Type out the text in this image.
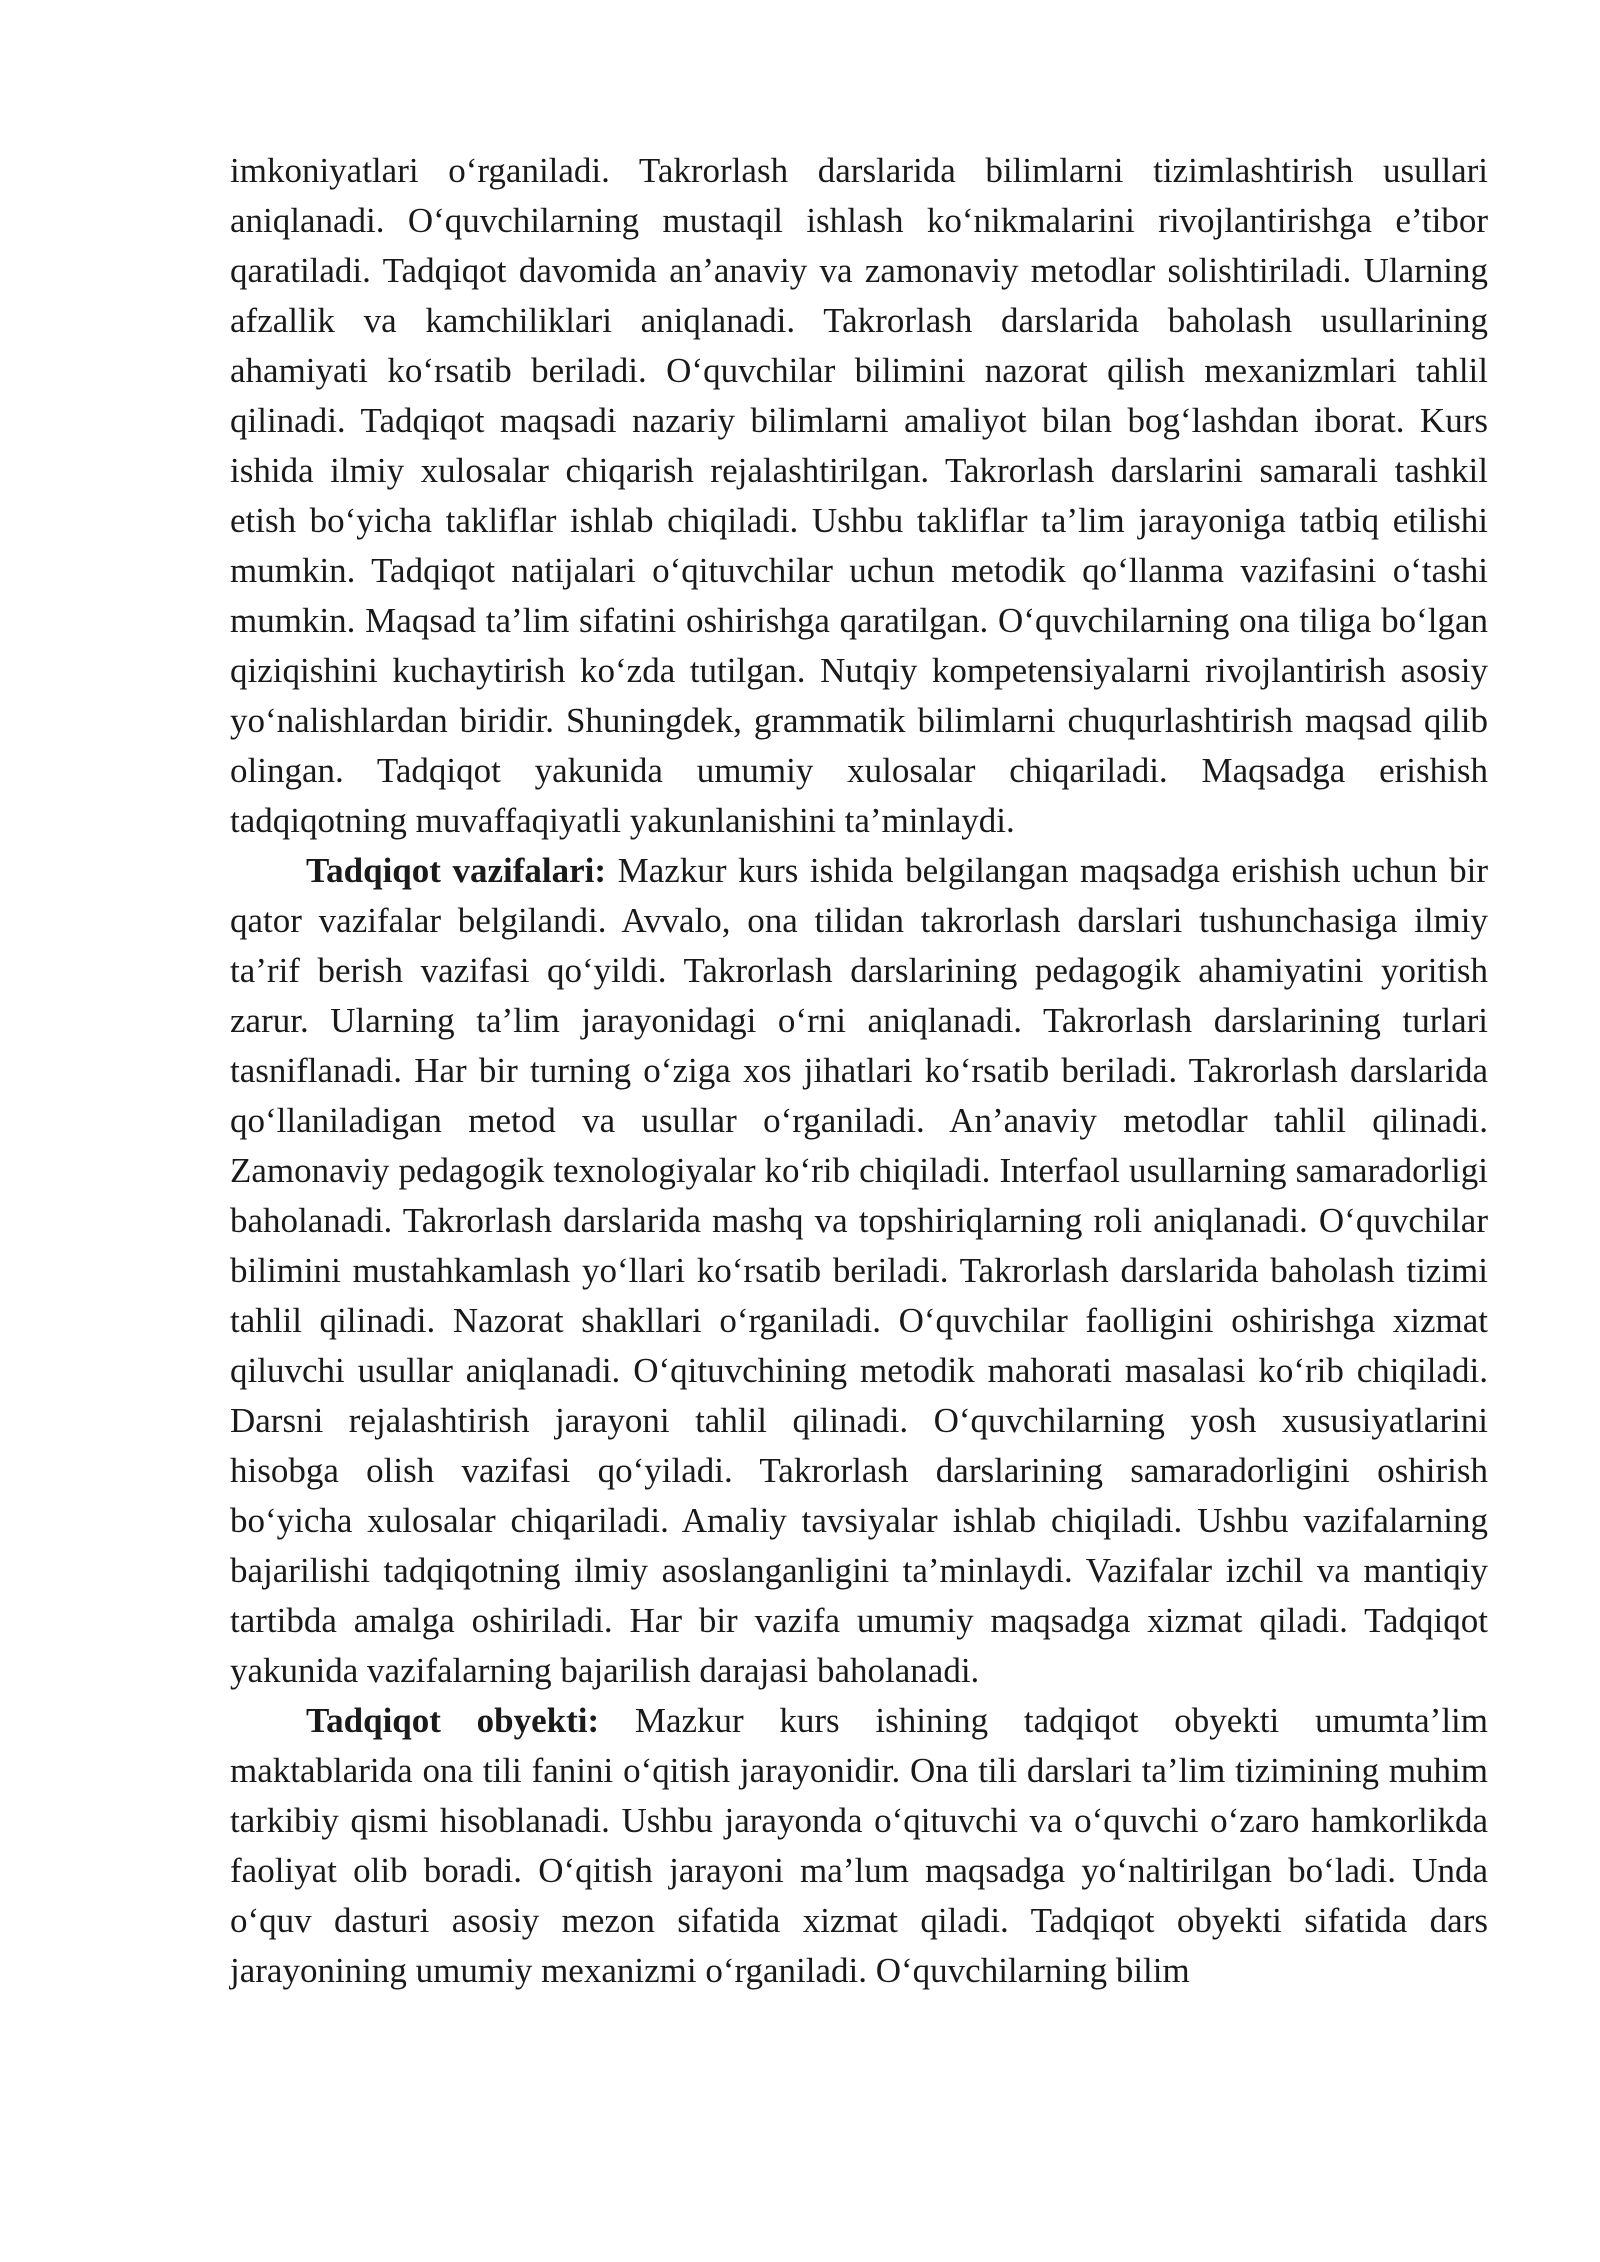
imkoniyatlari o‘rganiladi. Takrorlash darslarida bilimlarni tizimlashtirish usullari aniqlanadi. O‘quvchilarning mustaqil ishlash ko‘nikmalarini rivojlantirishga e’tibor qaratiladi. Tadqiqot davomida an’anaviy va zamonaviy metodlar solishtiriladi. Ularning afzallik va kamchiliklari aniqlanadi. Takrorlash darslarida baholash usullarining ahamiyati ko‘rsatib beriladi. O‘quvchilar bilimini nazorat qilish mexanizmlari tahlil qilinadi. Tadqiqot maqsadi nazariy bilimlarni amaliyot bilan bog‘lashdan iborat. Kurs ishida ilmiy xulosalar chiqarish rejalashtirilgan. Takrorlash darslarini samarali tashkil etish bo‘yicha takliflar ishlab chiqiladi. Ushbu takliflar ta’lim jarayoniga tatbiq etilishi mumkin. Tadqiqot natijalari o‘qituvchilar uchun metodik qo‘llanma vazifasini o‘tashi mumkin. Maqsad ta’lim sifatini oshirishga qaratilgan. O‘quvchilarning ona tiliga bo‘lgan qiziqishini kuchaytirish ko‘zda tutilgan. Nutqiy kompetensiyalarni rivojlantirish asosiy yo‘nalishlardan biridir. Shuningdek, grammatik bilimlarni chuqurlashtirish maqsad qilib olingan. Tadqiqot yakunida umumiy xulosalar chiqariladi. Maqsadga erishish tadqiqotning muvaffaqiyatli yakunlanishini ta’minlaydi.

Tadqiqot vazifalari: Mazkur kurs ishida belgilangan maqsadga erishish uchun bir qator vazifalar belgilandi. Avvalo, ona tilidan takrorlash darslari tushunchasiga ilmiy ta’rif berish vazifasi qo‘yildi. Takrorlash darslarining pedagogik ahamiyatini yoritish zarur. Ularning ta’lim jarayonidagi o‘rni aniqlanadi. Takrorlash darslarining turlari tasniflanadi. Har bir turning o‘ziga xos jihatlari ko‘rsatib beriladi. Takrorlash darslarida qo‘llaniladigan metod va usullar o‘rganiladi. An’anaviy metodlar tahlil qilinadi. Zamonaviy pedagogik texnologiyalar ko‘rib chiqiladi. Interfaol usullarning samaradorligi baholanadi. Takrorlash darslarida mashq va topshiriqlarning roli aniqlanadi. O‘quvchilar bilimini mustahkamlash yo‘llari ko‘rsatib beriladi. Takrorlash darslarida baholash tizimi tahlil qilinadi. Nazorat shakllari o‘rganiladi. O‘quvchilar faolligini oshirishga xizmat qiluvchi usullar aniqlanadi. O‘qituvchining metodik mahorati masalasi ko‘rib chiqiladi. Darsni rejalashtirish jarayoni tahlil qilinadi. O‘quvchilarning yosh xususiyatlarini hisobga olish vazifasi qo‘yiladi. Takrorlash darslarining samaradorligini oshirish bo‘yicha xulosalar chiqariladi. Amaliy tavsiyalar ishlab chiqiladi. Ushbu vazifalarning bajarilishi tadqiqotning ilmiy asoslanganligini ta’minlaydi. Vazifalar izchil va mantiqiy tartibda amalga oshiriladi. Har bir vazifa umumiy maqsadga xizmat qiladi. Tadqiqot yakunida vazifalarning bajarilish darajasi baholanadi.

Tadqiqot obyekti: Mazkur kurs ishining tadqiqot obyekti umumta’lim maktablarida ona tili fanini o‘qitish jarayonidir. Ona tili darslari ta’lim tizimining muhim tarkibiy qismi hisoblanadi. Ushbu jarayonda o‘qituvchi va o‘quvchi o‘zaro hamkorlikda faoliyat olib boradi. O‘qitish jarayoni ma’lum maqsadga yo‘naltirilgan bo‘ladi. Unda o‘quv dasturi asosiy mezon sifatida xizmat qiladi. Tadqiqot obyekti sifatida dars jarayonining umumiy mexanizmi o‘rganiladi. O‘quvchilarning bilim
